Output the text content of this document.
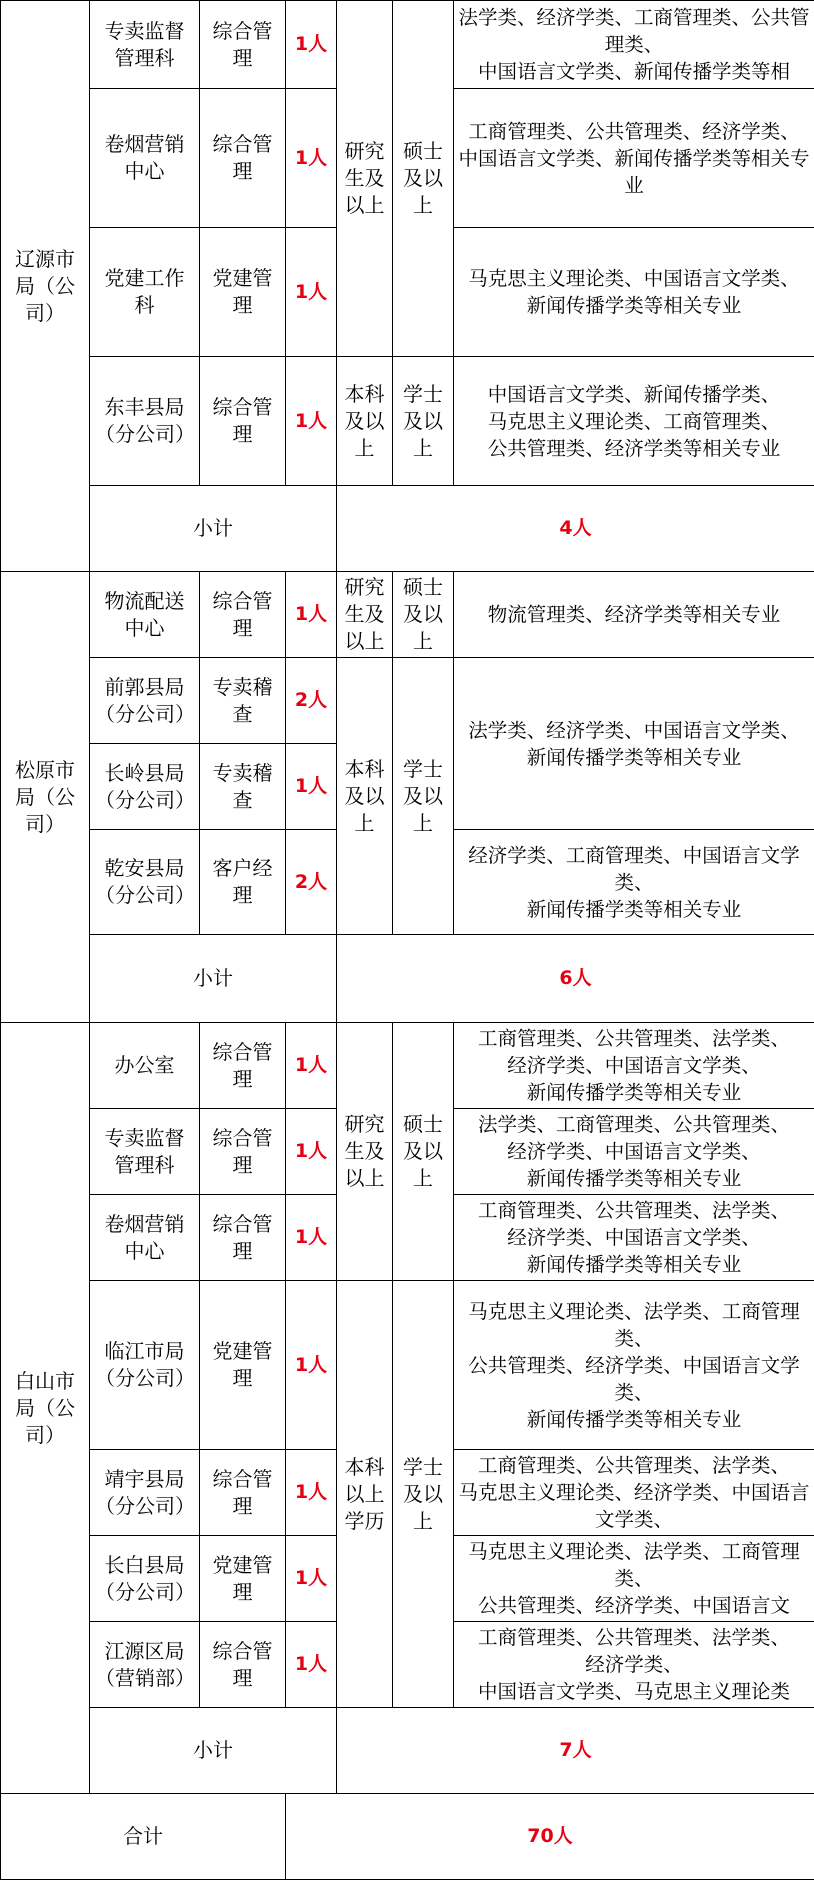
辽源市局（公司）	专卖监督管理科	综合管理	1人	研究生及以上	硕士及以上	法学类、经济学类、工商管理类、公共管理类、
中国语言文学类、新闻传播学类等相

	卷烟营销中心	综合管理	1人			工商管理类、公共管理类、经济学类、
中国语言文学类、新闻传播学类等相关专业

	党建工作科	党建管理	1人			马克思主义理论类、中国语言文学类、
新闻传播学类等相关专业

	东丰县局（分公司）	综合管理	1人	本科及以上	学士及以上	中国语言文学类、新闻传播学类、
马克思主义理论类、工商管理类、
公共管理类、经济学类等相关专业

	小计			4人		
松原市局（公司）	物流配送中心	综合管理	1人	研究生及以上	硕士及以上	物流管理类、经济学类等相关专业

	前郭县局（分公司）	专卖稽查	2人	本科及以上	学士及以上	法学类、经济学类、中国语言文学类、
新闻传播学类等相关专业

	长岭县局（分公司）	专卖稽查	1人			
	乾安县局（分公司）	客户经理	2人			经济学类、工商管理类、中国语言文学类、
新闻传播学类等相关专业

	小计			6人		
白山市局（公司）	办公室	综合管理	1人	研究生及以上	硕士及以上	工商管理类、公共管理类、法学类、
经济学类、中国语言文学类、
新闻传播学类等相关专业

	专卖监督管理科	综合管理	1人			法学类、工商管理类、公共管理类、
经济学类、中国语言文学类、
新闻传播学类等相关专业

	卷烟营销中心	综合管理	1人			工商管理类、公共管理类、法学类、
经济学类、中国语言文学类、
新闻传播学类等相关专业

	临江市局（分公司）	党建管理	1人	本科以上学历	学士及以上	马克思主义理论类、法学类、工商管理类、
公共管理类、经济学类、中国语言文学类、
新闻传播学类等相关专业

	靖宇县局（分公司）	综合管理	1人			工商管理类、公共管理类、法学类、
马克思主义理论类、经济学类、中国语言文学类、

	长白县局（分公司）	党建管理	1人			马克思主义理论类、法学类、工商管理类、
公共管理类、经济学类、中国语言文

	江源区局（营销部）	综合管理	1人			工商管理类、公共管理类、法学类、
经济学类、
中国语言文学类、马克思主义理论类

	小计			7人		
合计			70人			
